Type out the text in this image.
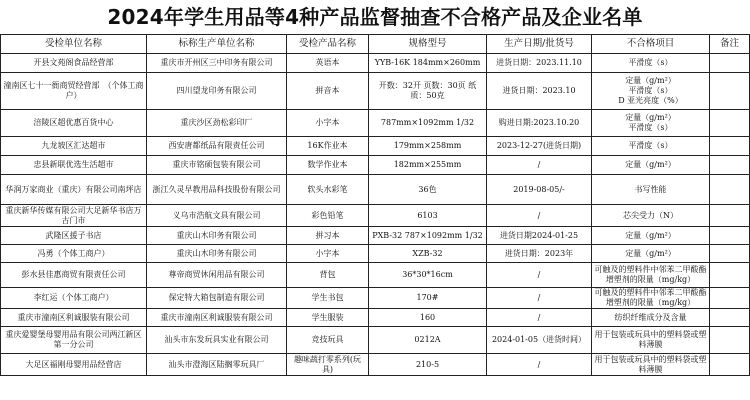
2024年学生用品等4种产品监督抽查不合格产品及企业名单
受检单位名称	标称生产单位名称	受检产品名称	规格型号	生产日期/批货号	不合格项目	备注
开县文苑阁食品经营部	重庆市开州区三中印务有限公司	英语本	YYB-16K 184mm×260mm	进货日期：2023.11.10	平滑度（s）	

潼南区七十一衙商贸经营部　（个体工商户）	四川望龙印务有限公司	拼音本	开数：32开 页数：30页 纸质：50克	进货日期：2023.10	定量（g/m²）
平滑度（s）
D 亚光亮度（%）	

涪陵区超优惠百货中心	重庆沙区劲松彩印厂	小字本	787mm×1092mm 1/32	购进日期:2023.10.20	定量（g/m²）
平滑度（s）	

九龙坡区汇达超市	西安唐都纸品有限责任公司	16K作业本	179mm×258mm	2023-12-27(进货日期)	平滑度（s）	

忠县新联优选生活超市	重庆市铭硕包装有限公司	数学作业本	182mm×255mm	/	定量（g/m²）	

华润万家商业（重庆）有限公司南坪店	浙江久灵早教用品科技股份有限公司	软头水彩笔	36色	2019-08-05/-	书写性能	

重庆新华传媒有限公司大足新华书店万古门市	义乌市浩航文具有限公司	彩色铅笔	6103	/	芯尖受力（N）	

武隆区援子书店	重庆山木印务有限公司	拼习本	PXB-32 787×1092mm 1/32	进货日期2024-01-25	定量（g/m²）	

冯勇（个体工商户）	重庆山木印务有限公司	小字本	XZB-32	进货日期：2023年	定量（g/m²）	

彭水县佳惠商贸有限责任公司	尊帝商贸休闲用品有限公司	背包	36*30*16cm	/	可触及的塑料件中邻苯二甲酸酯增塑剂的限量（mg/kg）	

李红运（个体工商户）	保定特大箱包制造有限公司	学生书包	170#	/	可触及的塑料件中邻苯二甲酸酯增塑剂的限量（mg/kg）	

重庆市潼南区利诚服装有限公司	重庆市潼南区利诚服装有限公司	学生服装	160	/	纺织纤维成分及含量	

重庆爱婴堡母婴用品有限公司两江新区第一分公司	汕头市东发玩具实业有限公司	竞技玩具	0212A	2024-01-05（进货时间）	用于包装或玩具中的塑料袋或塑料薄膜	

大足区福刚母婴用品经营店	汕头市澄海区陆搁零玩具厂	趣味蔬打零系列(玩具)	210-5	/	用于包装或玩具中的塑料袋或塑料薄膜	
